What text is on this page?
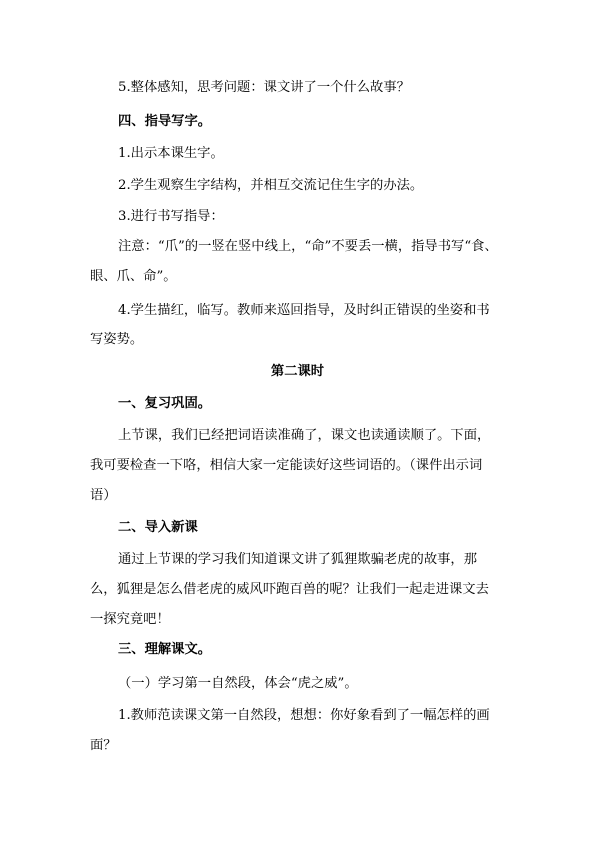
5.整体感知，思考问题：课文讲了一个什么故事？
四、指导写字。
1.出示本课生字。
2.学生观察生字结构，并相互交流记住生字的办法。
3.进行书写指导：
注意：“爪”的一竖在竖中线上，“命”不要丢一横，指导书写“食、
眼、爪、命”。
4.学生描红，临写。教师来巡回指导，及时纠正错误的坐姿和书
写姿势。
第二课时
一、复习巩固。
上节课，我们已经把词语读准确了，课文也读通读顺了。下面，
我可要检查一下咯，相信大家一定能读好这些词语的。（课件出示词
语）
二、导入新课
通过上节课的学习我们知道课文讲了狐狸欺骗老虎的故事，那
么，狐狸是怎么借老虎的威风吓跑百兽的呢？让我们一起走进课文去
一探究竟吧！
三、理解课文。
（一）学习第一自然段，体会“虎之威”。
1.教师范读课文第一自然段，想想：你好象看到了一幅怎样的画
面？
